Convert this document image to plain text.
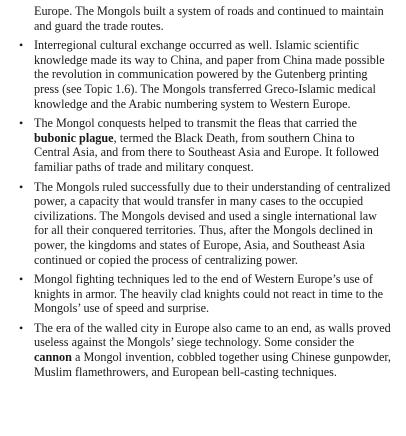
Europe. The Mongols built a system of roads and continued to maintain and guard the trade routes.

• Interregional cultural exchange occurred as well. Islamic scientific knowledge made its way to China, and paper from China made possible the revolution in communication powered by the Gutenberg printing press (see Topic 1.6). The Mongols transferred Greco-Islamic medical knowledge and the Arabic numbering system to Western Europe.
• The Mongol conquests helped to transmit the fleas that carried the bubonic plague, termed the Black Death, from southern China to Central Asia, and from there to Southeast Asia and Europe. It followed familiar paths of trade and military conquest.
• The Mongols ruled successfully due to their understanding of centralized power, a capacity that would transfer in many cases to the occupied civilizations. The Mongols devised and used a single international law for all their conquered territories. Thus, after the Mongols declined in power, the kingdoms and states of Europe, Asia, and Southeast Asia continued or copied the process of centralizing power.
• Mongol fighting techniques led to the end of Western Europe’s use of knights in armor. The heavily clad knights could not react in time to the Mongols’ use of speed and surprise.
• The era of the walled city in Europe also came to an end, as walls proved useless against the Mongols’ siege technology. Some consider the cannon a Mongol invention, cobbled together using Chinese gunpowder, Muslim flamethrowers, and European bell-casting techniques.
